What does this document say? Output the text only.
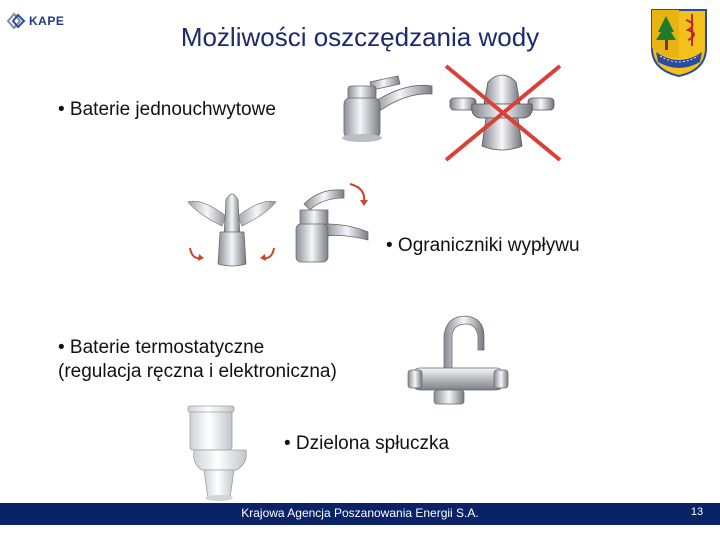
KAPE
Możliwości oszczędzania wody
• Baterie jednouchwytowe
• Ograniczniki wypływu
• Baterie termostatyczne
(regulacja ręczna i elektroniczna)
• Dzielona spłuczka
Krajowa Agencja Poszanowania Energii S.A.	13
